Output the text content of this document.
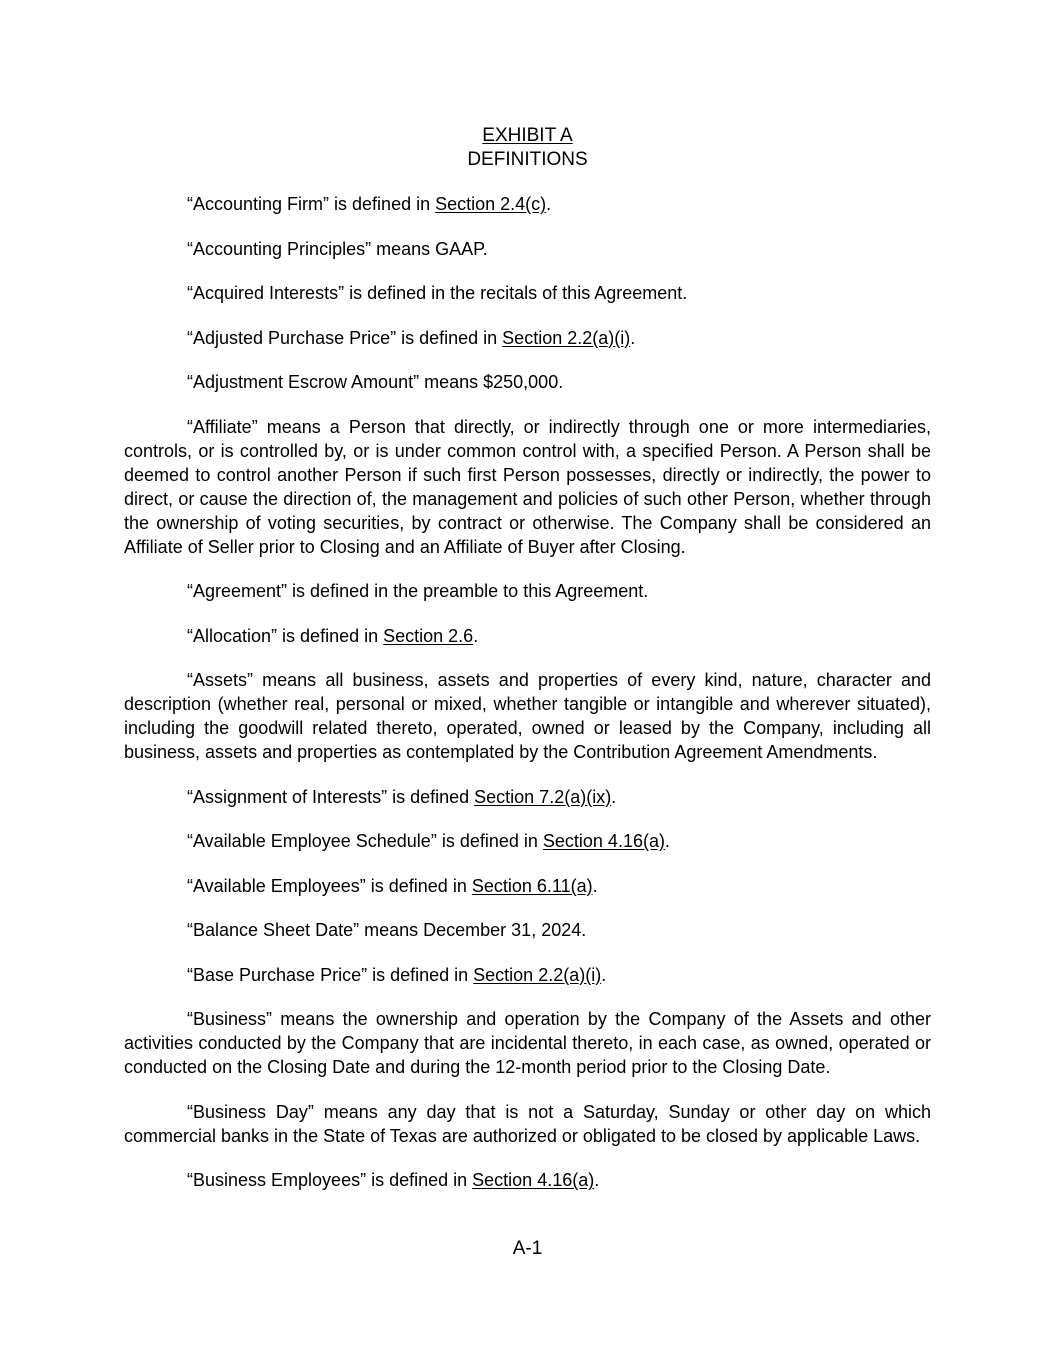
EXHIBIT A
DEFINITIONS

“Accounting Firm” is defined in Section 2.4(c).

“Accounting Principles” means GAAP.

“Acquired Interests” is defined in the recitals of this Agreement.

“Adjusted Purchase Price” is defined in Section 2.2(a)(i).

“Adjustment Escrow Amount” means $250,000.

“Affiliate” means a Person that directly, or indirectly through one or more intermediaries, controls, or is controlled by, or is under common control with, a specified Person. A Person shall be deemed to control another Person if such first Person possesses, directly or indirectly, the power to direct, or cause the direction of, the management and policies of such other Person, whether through the ownership of voting securities, by contract or otherwise. The Company shall be considered an Affiliate of Seller prior to Closing and an Affiliate of Buyer after Closing.

“Agreement” is defined in the preamble to this Agreement.

“Allocation” is defined in Section 2.6.

“Assets” means all business, assets and properties of every kind, nature, character and description (whether real, personal or mixed, whether tangible or intangible and wherever situated), including the goodwill related thereto, operated, owned or leased by the Company, including all business, assets and properties as contemplated by the Contribution Agreement Amendments.

“Assignment of Interests” is defined Section 7.2(a)(ix).

“Available Employee Schedule” is defined in Section 4.16(a).

“Available Employees” is defined in Section 6.11(a).

“Balance Sheet Date” means December 31, 2024.

“Base Purchase Price” is defined in Section 2.2(a)(i).

“Business” means the ownership and operation by the Company of the Assets and other activities conducted by the Company that are incidental thereto, in each case, as owned, operated or conducted on the Closing Date and during the 12-month period prior to the Closing Date.

“Business Day” means any day that is not a Saturday, Sunday or other day on which commercial banks in the State of Texas are authorized or obligated to be closed by applicable Laws.

“Business Employees” is defined in Section 4.16(a).

A-1
